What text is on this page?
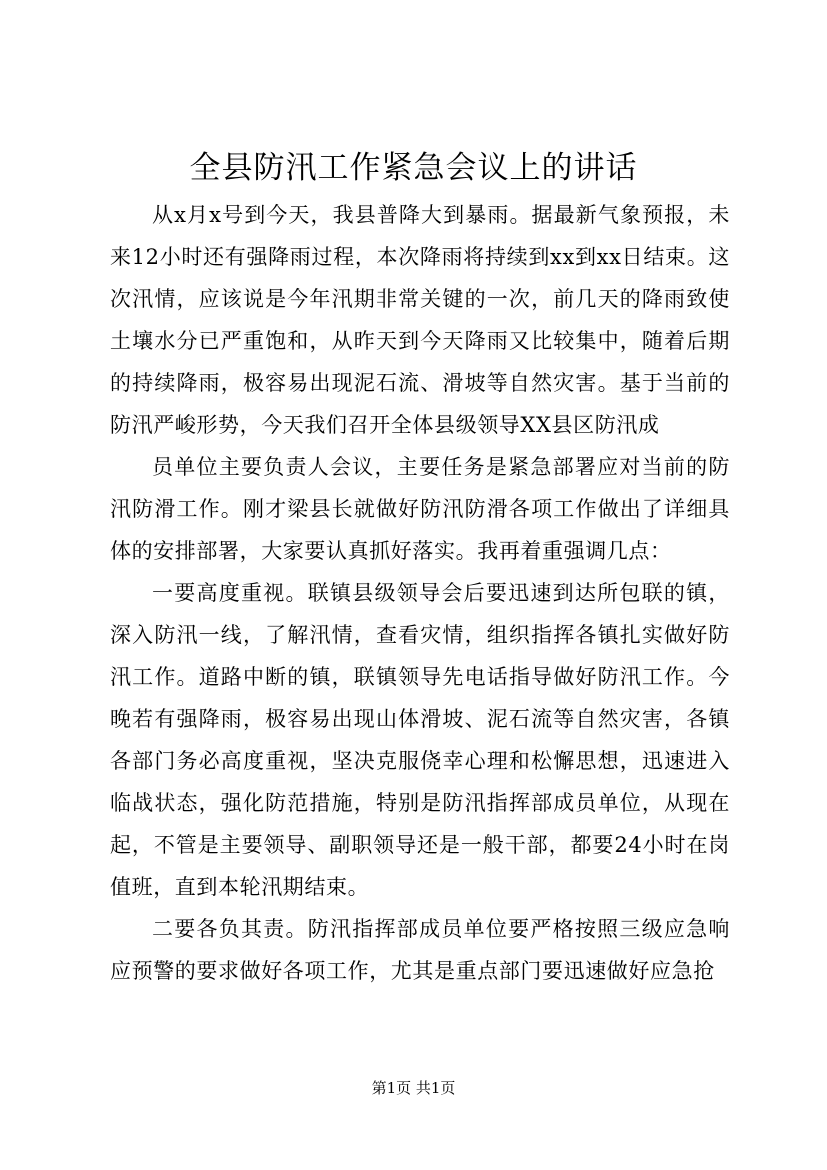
全县防汛工作紧急会议上的讲话

从x月x号到今天，我县普降大到暴雨。据最新气象预报，未来12小时还有强降雨过程，本次降雨将持续到xx到xx日结束。这次汛情，应该说是今年汛期非常关键的一次，前几天的降雨致使土壤水分已严重饱和，从昨天到今天降雨又比较集中，随着后期的持续降雨，极容易出现泥石流、滑坡等自然灾害。基于当前的防汛严峻形势，今天我们召开全体县级领导XX县区防汛成

员单位主要负责人会议，主要任务是紧急部署应对当前的防汛防滑工作。刚才梁县长就做好防汛防滑各项工作做出了详细具体的安排部署，大家要认真抓好落实。我再着重强调几点：

一要高度重视。联镇县级领导会后要迅速到达所包联的镇，深入防汛一线，了解汛情，查看灾情，组织指挥各镇扎实做好防汛工作。道路中断的镇，联镇领导先电话指导做好防汛工作。今晚若有强降雨，极容易出现山体滑坡、泥石流等自然灾害，各镇各部门务必高度重视，坚决克服侥幸心理和松懈思想，迅速进入临战状态，强化防范措施，特别是防汛指挥部成员单位，从现在起，不管是主要领导、副职领导还是一般干部，都要24小时在岗值班，直到本轮汛期结束。

二要各负其责。防汛指挥部成员单位要严格按照三级应急响应预警的要求做好各项工作，尤其是重点部门要迅速做好应急抢

第1页 共1页
